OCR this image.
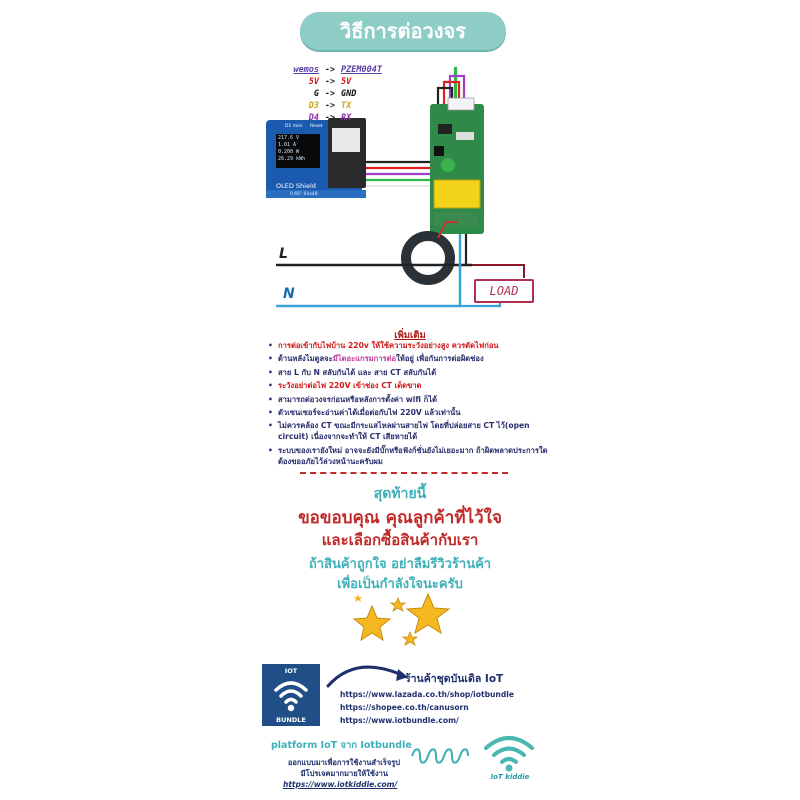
วิธีการต่อวงจร
wemos -> PZEM004T
5V -> 5V
G -> GND
D3 -> TX
D4 -> RX
217.6 V
1.01 A
0.200 W
26.29 kWh
OLED Shield
0.66" 64x48
D1 mini Reset
L
N	LOAD
เพิ่มเติม
• การต่อเข้ากับไฟบ้าน 220v ให้ใช้ความระวังอย่างสูง ควรตัดไฟก่อน
• ด้านหลังไมดูลจะมีไดอะแกรมการต่อให้อยู่ เพื่อกันการต่อผิดช่อง
• สาย L กับ N สลับกันได้ และ สาย CT สลับกันได้
• ระวังอย่าต่อไฟ 220V เข้าช่อง CT เด็ดขาด
• สามารถต่อวงจรก่อนหรือหลังการตั้งค่า wifi ก็ได้
• ตัวเซนเซอร์จะอ่านค่าได้เมื่อต่อกับไฟ 220V แล้วเท่านั้น
• ไม่ควรคล้อง CT ขณะมีกระแสไหลผ่านสายไฟ โดยที่ปล่อยสาย CT ไว้(open circuit) เนื่องจากจะทำให้ CT เสียหายได้
• ระบบของเรายังใหม่ อาจจะยังมีบั๊กหรือฟังก์ชั่นยังไม่เยอะมาก ถ้าผิดพลาดประการใด ต้องขออภัยไว้ล่วงหน้านะครับผม
สุดท้ายนี้
ขอขอบคุณ คุณลูกค้าที่ไว้ใจ
และเลือกซื้อสินค้ากับเรา
ถ้าสินค้าถูกใจ อย่าลืมรีวิวร้านค้า
เพื่อเป็นกำลังใจนะครับ
IOT
BUNDLE
ร้านค้าชุดบันเดิล IoT
https://www.lazada.co.th/shop/iotbundle
https://shopee.co.th/canusorn
https://www.iotbundle.com/
platform IoT จาก Iotbundle
ออกแบบมาเพื่อการใช้งานสำเร็จรูป
มีโปรเจคมากมายให้ใช้งาน
https://www.iotkiddie.com/
IoT kiddie
